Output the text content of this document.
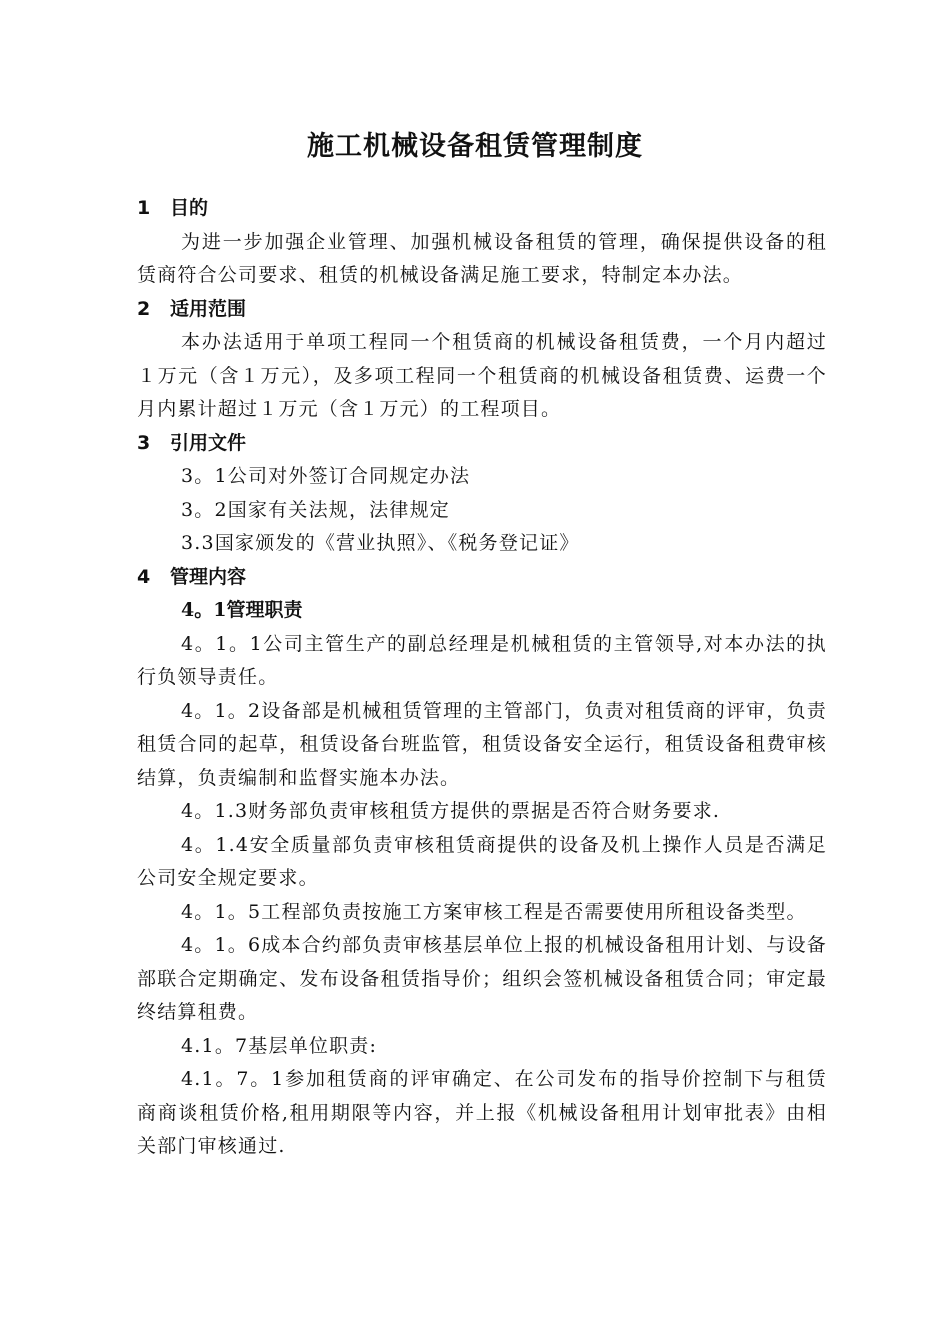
施工机械设备租赁管理制度
1 目的
为进一步加强企业管理、加强机械设备租赁的管理，确保提供设备的租赁商符合公司要求、租赁的机械设备满足施工要求，特制定本办法。
2 适用范围
本办法适用于单项工程同一个租赁商的机械设备租赁费，一个月内超过１万元（含１万元），及多项工程同一个租赁商的机械设备租赁费、运费一个月内累计超过１万元（含１万元）的工程项目。
3 引用文件
3。1公司对外签订合同规定办法
3。2国家有关法规，法律规定
3.3国家颁发的《营业执照》、《税务登记证》
4 管理内容
4。1管理职责
4。1。1公司主管生产的副总经理是机械租赁的主管领导,对本办法的执行负领导责任。
4。1。2设备部是机械租赁管理的主管部门，负责对租赁商的评审，负责租赁合同的起草，租赁设备台班监管，租赁设备安全运行，租赁设备租费审核结算，负责编制和监督实施本办法。
4。1.3财务部负责审核租赁方提供的票据是否符合财务要求.
4。1.4安全质量部负责审核租赁商提供的设备及机上操作人员是否满足公司安全规定要求。
4。1。5工程部负责按施工方案审核工程是否需要使用所租设备类型。
4。1。6成本合约部负责审核基层单位上报的机械设备租用计划、与设备部联合定期确定、发布设备租赁指导价；组织会签机械设备租赁合同；审定最终结算租费。
4.1。7基层单位职责:
4.1。7。1参加租赁商的评审确定、在公司发布的指导价控制下与租赁商商谈租赁价格,租用期限等内容，并上报《机械设备租用计划审批表》由相关部门审核通过.
